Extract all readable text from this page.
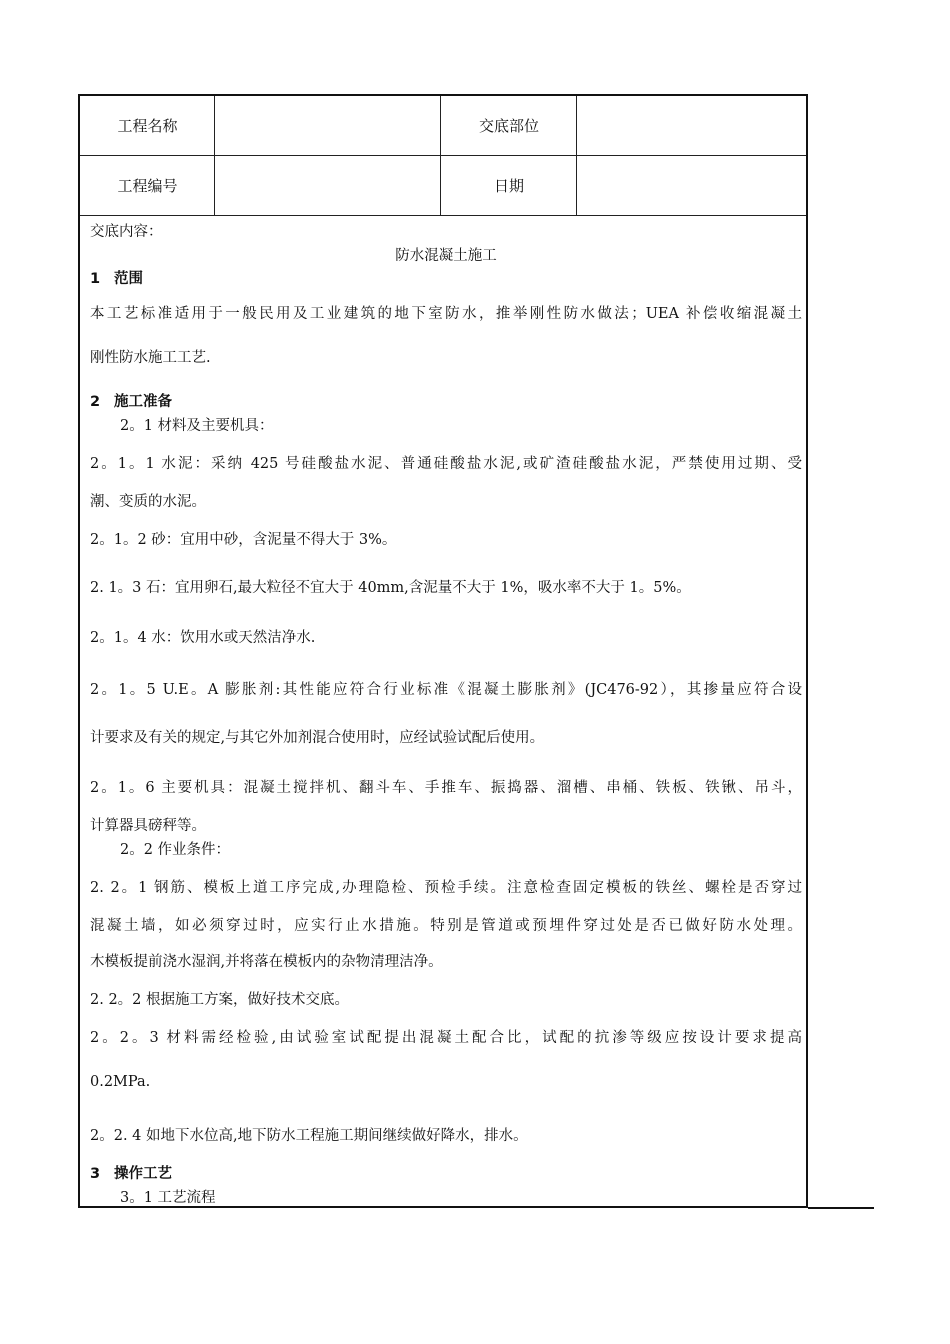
工程名称	交底部位
工程编号	日期
交底内容：
防水混凝土施工
1 范围
本工艺标准适用于一般民用及工业建筑的地下室防水，推举刚性防水做法；UEA 补偿收缩混凝土
刚性防水施工工艺.
2 施工准备
2。1 材料及主要机具：
2。1。1 水泥：采纳 425 号硅酸盐水泥、普通硅酸盐水泥,或矿渣硅酸盐水泥，严禁使用过期、受
潮、变质的水泥。
2。1。2 砂：宜用中砂，含泥量不得大于 3%。
2. 1。3 石：宜用卵石,最大粒径不宜大于 40mm,含泥量不大于 1%，吸水率不大于 1。5%。
2。1。4 水：饮用水或天然洁净水.
2。1。5 U.E。A 膨胀剂:其性能应符合行业标准《混凝土膨胀剂》(JC476-92），其掺量应符合设
计要求及有关的规定,与其它外加剂混合使用时，应经试验试配后使用。
2。1。6 主要机具：混凝土搅拌机、翻斗车、手推车、振捣器、溜槽、串桶、铁板、铁锹、吊斗，
计算器具磅秤等。
2。2 作业条件：
2. 2。1 钢筋、模板上道工序完成,办理隐检、预检手续。注意检查固定模板的铁丝、螺栓是否穿过
混凝土墙，如必须穿过时，应实行止水措施。特别是管道或预埋件穿过处是否已做好防水处理。
木模板提前浇水湿润,并将落在模板内的杂物清理洁净。
2. 2。2 根据施工方案，做好技术交底。
2。2。3 材料需经检验,由试验室试配提出混凝土配合比，试配的抗渗等级应按设计要求提高
0.2MPa.
2。2. 4 如地下水位高,地下防水工程施工期间继续做好降水，排水。
3 操作工艺
3。1 工艺流程
